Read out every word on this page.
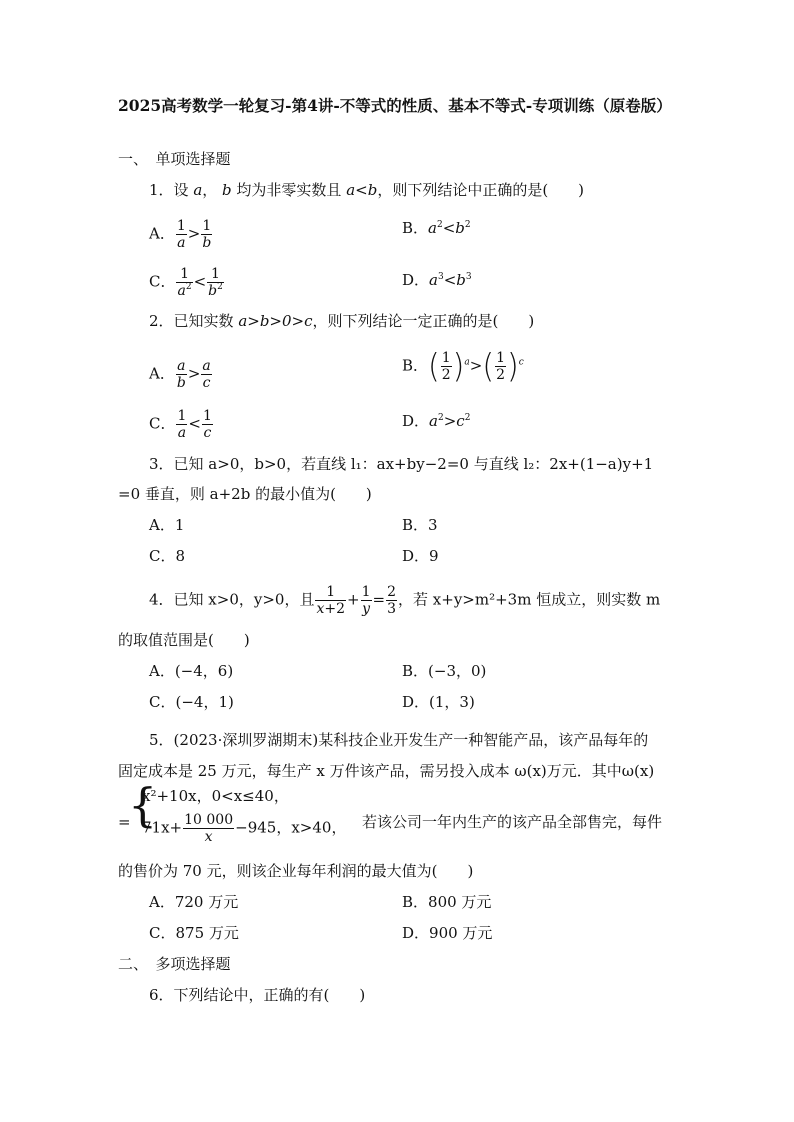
2025高考数学一轮复习-第4讲-不等式的性质、基本不等式-专项训练（原卷版）
一、　单项选择题
1．设 a， b 均为非零实数且 a<b，则下列结论中正确的是(　　)
A． $\frac{1}{a} > \frac{1}{b}$	B．$a^2<b^2$
C． $\frac{1}{a^2} < \frac{1}{b^2}$	D．$a^3<b^3$
2．已知实数 a>b>0>c，则下列结论一定正确的是(　　)
A． $\frac{a}{b} > \frac{a}{c}$	B．( $\frac{1}{2} )^a>( \frac{1}{2} )^c$
C． $\frac{1}{a} < \frac{1}{c}$	D．$a^2>c^2$
3．已知 a>0，b>0，若直线 l₁：ax+by−2=0 与直线 l₂：2x+(1−a)y+1
=0 垂直，则 a+2b 的最小值为(　　)
A．1	B．3
C．8	D．9
4．已知 x>0，y>0，且 $\frac{1}{x+2} + \frac{1}{y} = \frac{2}{3}$ ，若 x+y>m²+3m 恒成立，则实数 m
的取值范围是(　　)
A．(−4，6)	B．(−3，0)
C．(−4，1)	D．(1，3)
5．(2023·深圳罗湖期末)某科技企业开发生产一种智能产品，该产品每年的
固定成本是 25 万元，每生产 x 万件该产品，需另投入成本 ω(x)万元．其中ω(x)
=
{
x²+10x，0<x≤40，
$71x+ \frac{10 000}{x} -945$，x>40， 若该公司一年内生产的该产品全部售完，每件
的售价为 70 元，则该企业每年利润的最大值为(　　)
A．720 万元	B．800 万元
C．875 万元	D．900 万元
二、　多项选择题
6．下列结论中，正确的有(　　)
